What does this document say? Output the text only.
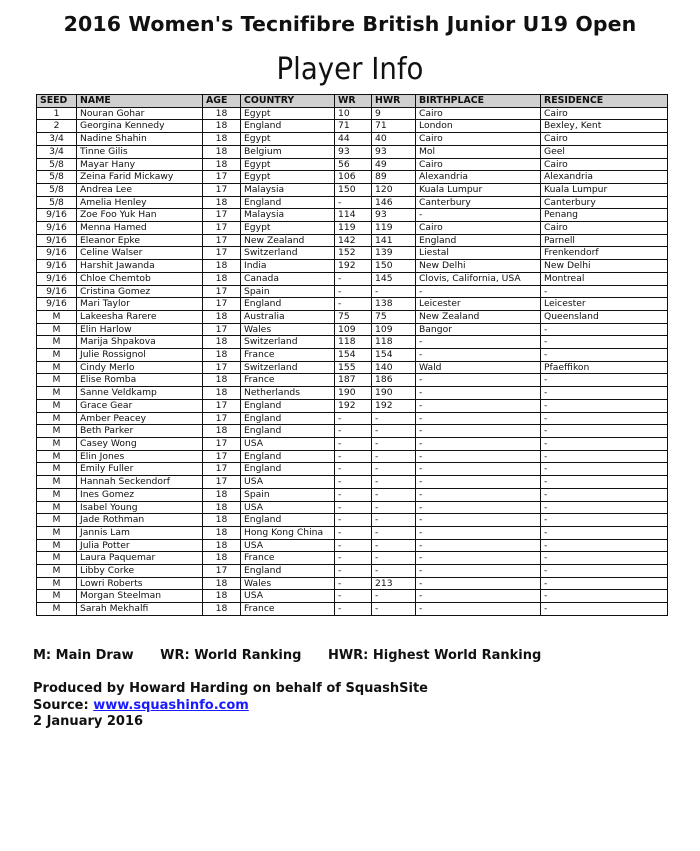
2016 Women's Tecnifibre British Junior U19 Open
Player Info
SEED	NAME	AGE	COUNTRY	WR	HWR	BIRTHPLACE	RESIDENCE
1	Nouran Gohar	18	Egypt	10	9	Cairo	Cairo
2	Georgina Kennedy	18	England	71	71	London	Bexley, Kent
3/4	Nadine Shahin	18	Egypt	44	40	Cairo	Cairo
3/4	Tinne Gilis	18	Belgium	93	93	Mol	Geel
5/8	Mayar Hany	18	Egypt	56	49	Cairo	Cairo
5/8	Zeina Farid Mickawy	17	Egypt	106	89	Alexandria	Alexandria
5/8	Andrea Lee	17	Malaysia	150	120	Kuala Lumpur	Kuala Lumpur
5/8	Amelia Henley	18	England	-	146	Canterbury	Canterbury
9/16	Zoe Foo Yuk Han	17	Malaysia	114	93	-	Penang
9/16	Menna Hamed	17	Egypt	119	119	Cairo	Cairo
9/16	Eleanor Epke	17	New Zealand	142	141	England	Parnell
9/16	Celine Walser	17	Switzerland	152	139	Liestal	Frenkendorf
9/16	Harshit Jawanda	18	India	192	150	New Delhi	New Delhi
9/16	Chloe Chemtob	18	Canada	-	145	Clovis, California, USA	Montreal
9/16	Cristina Gomez	17	Spain	-	-	-	-
9/16	Mari Taylor	17	England	-	138	Leicester	Leicester
M	Lakeesha Rarere	18	Australia	75	75	New Zealand	Queensland
M	Elin Harlow	17	Wales	109	109	Bangor	-
M	Marija Shpakova	18	Switzerland	118	118	-	-
M	Julie Rossignol	18	France	154	154	-	-
M	Cindy Merlo	17	Switzerland	155	140	Wald	Pfaeffikon
M	Elise Romba	18	France	187	186	-	-
M	Sanne Veldkamp	18	Netherlands	190	190	-	-
M	Grace Gear	17	England	192	192	-	-
M	Amber Peacey	17	England	-	-	-	-
M	Beth Parker	18	England	-	-	-	-
M	Casey Wong	17	USA	-	-	-	-
M	Elin Jones	17	England	-	-	-	-
M	Emily Fuller	17	England	-	-	-	-
M	Hannah Seckendorf	17	USA	-	-	-	-
M	Ines Gomez	18	Spain	-	-	-	-
M	Isabel Young	18	USA	-	-	-	-
M	Jade Rothman	18	England	-	-	-	-
M	Jannis Lam	18	Hong Kong China	-	-	-	-
M	Julia Potter	18	USA	-	-	-	-
M	Laura Paquemar	18	France	-	-	-	-
M	Libby Corke	17	England	-	-	-	-
M	Lowri Roberts	18	Wales	-	213	-	-
M	Morgan Steelman	18	USA	-	-	-	-
M	Sarah Mekhalfi	18	France	-	-	-	-
M: Main Draw WR: World Ranking HWR: Highest World Ranking
Produced by Howard Harding on behalf of SquashSite
Source: www.squashinfo.com
2 January 2016
